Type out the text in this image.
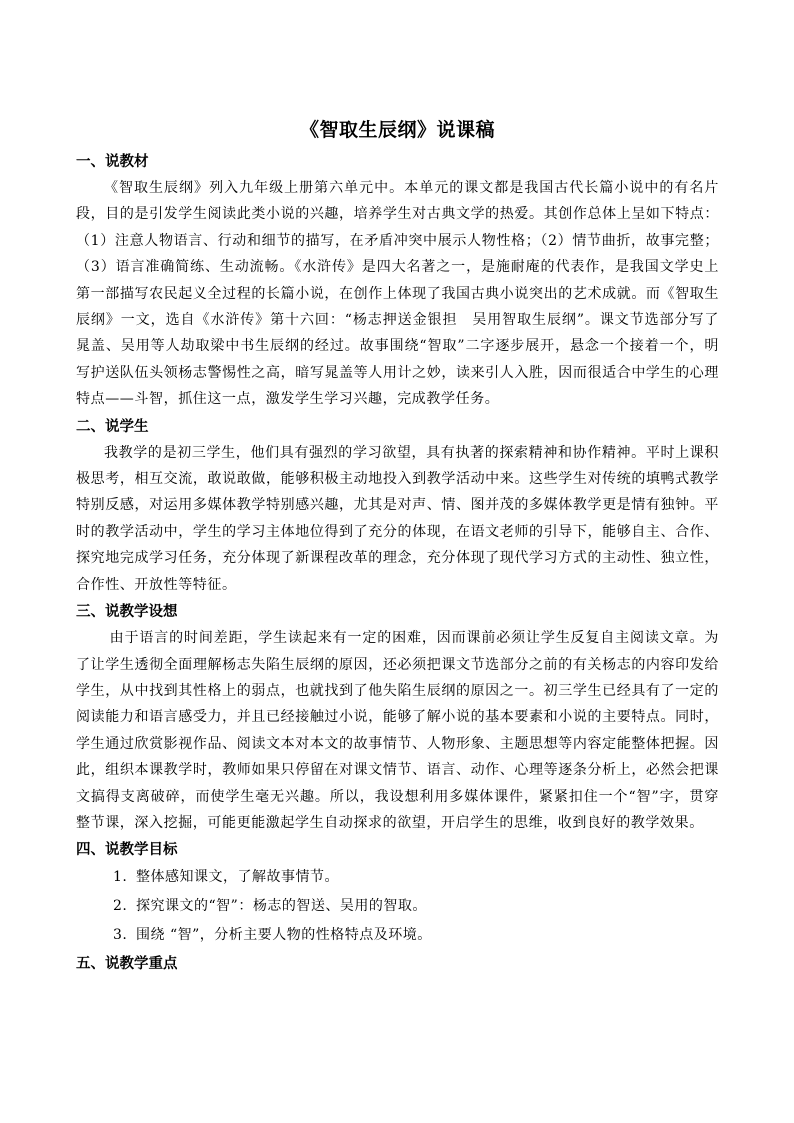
《智取生辰纲》说课稿
一、说教材

《智取生辰纲》列入九年级上册第六单元中。本单元的课文都是我国古代长篇小说中的有名片段，目的是引发学生阅读此类小说的兴趣，培养学生对古典文学的热爱。其创作总体上呈如下特点：（1）注意人物语言、行动和细节的描写，在矛盾冲突中展示人物性格；（2）情节曲折，故事完整；（3）语言准确简练、生动流畅。《水浒传》是四大名著之一，是施耐庵的代表作，是我国文学史上第一部描写农民起义全过程的长篇小说，在创作上体现了我国古典小说突出的艺术成就。而《智取生辰纲》一文，选自《水浒传》第十六回：“杨志押送金银担　吴用智取生辰纲”。课文节选部分写了晁盖、吴用等人劫取梁中书生辰纲的经过。故事围绕“智取”二字逐步展开，悬念一个接着一个，明写护送队伍头领杨志警惕性之高，暗写晁盖等人用计之妙，读来引人入胜，因而很适合中学生的心理特点——斗智，抓住这一点，激发学生学习兴趣，完成教学任务。

二、说学生

我教学的是初三学生，他们具有强烈的学习欲望，具有执著的探索精神和协作精神。平时上课积极思考，相互交流，敢说敢做，能够积极主动地投入到教学活动中来。这些学生对传统的填鸭式教学特别反感，对运用多媒体教学特别感兴趣，尤其是对声、情、图并茂的多媒体教学更是情有独钟。平时的教学活动中，学生的学习主体地位得到了充分的体现，在语文老师的引导下，能够自主、合作、探究地完成学习任务，充分体现了新课程改革的理念，充分体现了现代学习方式的主动性、独立性，合作性、开放性等特征。

三、说教学设想

由于语言的时间差距，学生读起来有一定的困难，因而课前必须让学生反复自主阅读文章。为了让学生透彻全面理解杨志失陷生辰纲的原因，还必须把课文节选部分之前的有关杨志的内容印发给学生，从中找到其性格上的弱点，也就找到了他失陷生辰纲的原因之一。初三学生已经具有了一定的阅读能力和语言感受力，并且已经接触过小说，能够了解小说的基本要素和小说的主要特点。同时，学生通过欣赏影视作品、阅读文本对本文的故事情节、人物形象、主题思想等内容定能整体把握。因此，组织本课教学时，教师如果只停留在对课文情节、语言、动作、心理等逐条分析上，必然会把课文搞得支离破碎，而使学生毫无兴趣。所以，我设想利用多媒体课件，紧紧扣住一个“智”字，贯穿整节课，深入挖掘，可能更能激起学生自动探求的欲望，开启学生的思维，收到良好的教学效果。

四、说教学目标
1. 整体感知课文，了解故事情节。
2. 探究课文的“智”：杨志的智送、吴用的智取。
3. 围绕 “智”，分析主要人物的性格特点及环境。
五、说教学重点
